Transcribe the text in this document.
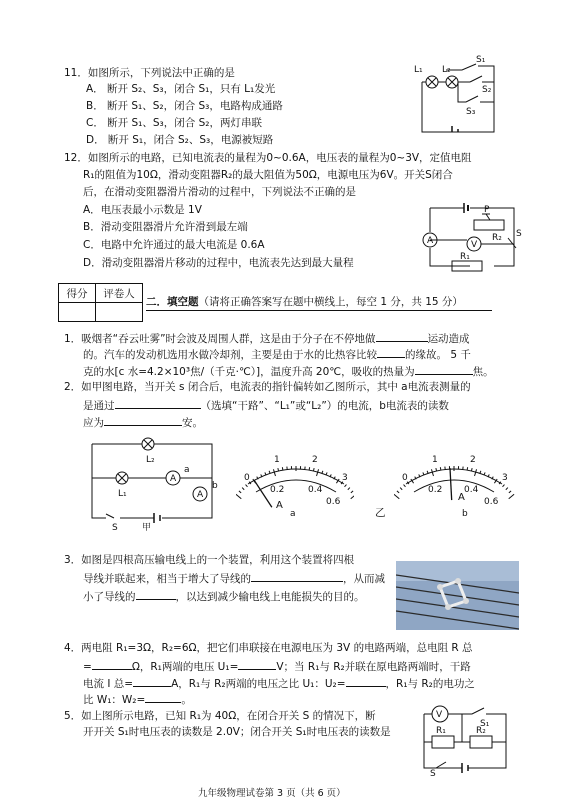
11．如图所示，下列说法中正确的是
A． 断开 S₂、S₃，闭合 S₁，只有 L₁发光
B． 断开 S₁、S₂，闭合 S₃，电路构成通路
C． 断开 S₁、S₃，闭合 S₂，两灯串联
D． 断开 S₁，闭合 S₂、S₃，电源被短路
L₁ L₂
S₁
S₂
S₃
12．如图所示的电路，已知电流表的量程为0~0.6A，电压表的量程为0~3V，定值电阻
R₁的阻值为10Ω，滑动变阻器R₂的最大阻值为50Ω，电源电压为6V。开关S闭合
后，在滑动变阻器滑片滑动的过程中，下列说法不正确的是
A．电压表最小示数是 1V
B．滑动变阻器滑片允许滑到最左端
C．电路中允许通过的最大电流是 0.6A
D．滑动变阻器滑片移动的过程中，电流表先达到最大量程
P
R₂
A	V
R₁
S
得分	评卷人

二．填空题（请将正确答案写在题中横线上，每空 1 分，共 15 分）
1．吸烟者“吞云吐雾”时会波及周围人群，这是由于分子在不停地做	运动造成
的。汽车的发动机选用水做冷却剂，主要是由于水的比热容比较	的缘故。 5 千
克的水[c 水=4.2×10³焦/（千克·℃）]，温度升高 20℃，吸收的热量为	焦。
2．如甲图电路，当开关 s 闭合后，电流表的指针偏转如乙图所示，其中 a电流表测量的
是通过	（选填“干路”、“L₁”或“L₂”）的电流，b电流表的读数
应为	安。
L₂
A
a
A
b
L₁
S	甲
0
1	2
3
0.2	0.4
0.6
A
a
0
1	2
3
0.2 0.4
0.6
A
b
乙
3．如图是四根高压输电线上的一个装置，利用这个装置将四根
导线并联起来，相当于增大了导线的	，从而减
小了导线的	，以达到减少输电线上电能损失的目的。
4．两电阻 R₁=3Ω，R₂=6Ω，把它们串联接在电源电压为 3V 的电路两端，总电阻 R 总
=	Ω，R₁两端的电压 U₁=	V；当 R₁与 R₂并联在原电路两端时，干路
电流 I 总=	A，R₁与 R₂两端的电压之比 U₁：U₂=	，R₁与 R₂的电功之
比 W₁：W₂=	。
5．如上图所示电路，已知 R₁为 40Ω，在闭合开关 S 的情况下，断
开开关 S₁时电压表的读数是 2.0V；闭合开关 S₁时电压表的读数是
V
S₁
R₁	R₂
S
九年级物理试卷第 3 页（共 6 页）
